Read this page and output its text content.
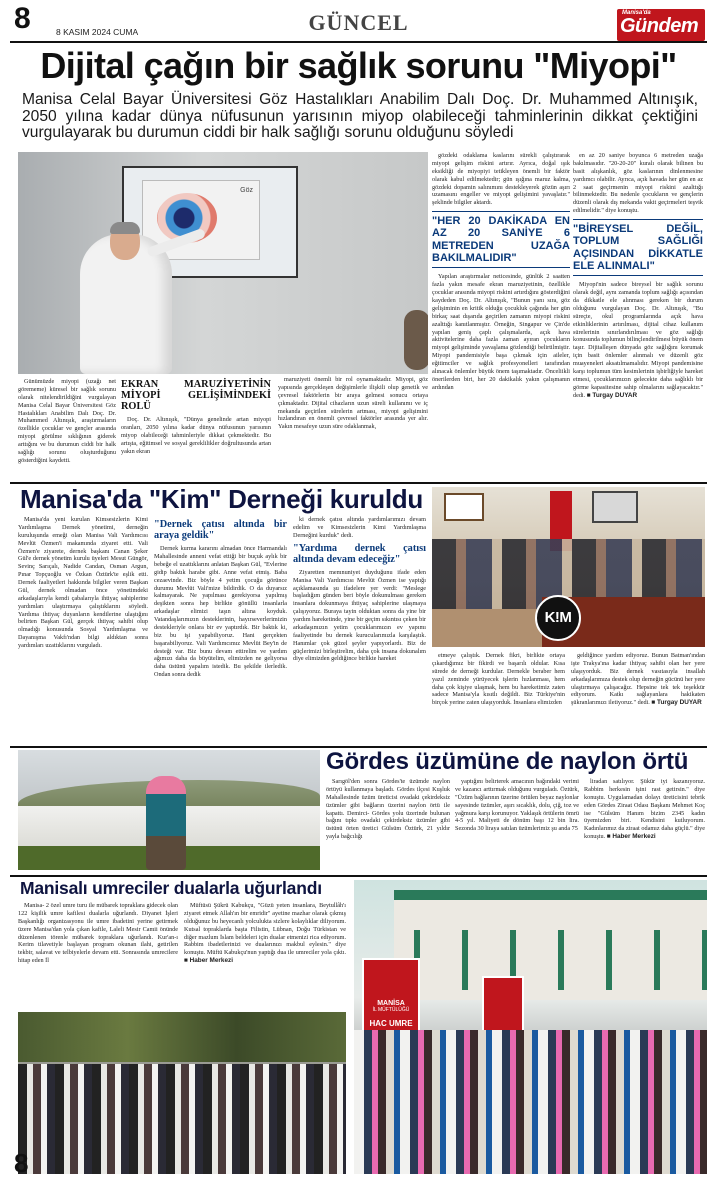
8	8 KASIM 2024 CUMA	GÜNCEL	Manisa'da
Gündem
Dijital çağın bir sağlık sorunu "Miyopi"
Manisa Celal Bayar Üniversitesi Göz Hastalıkları Anabilim Dalı Doç. Dr. Muhammed Altınışık, 2050 yılına kadar dünya nüfusunun yarısının miyop olabileceği tahminlerinin dikkat çektiğini vurgulayarak bu durumun ciddi bir halk sağlığı sorunu olduğunu söyledi
Göz

Günümüzde miyopi (uzağı net görememe) küresel bir sağlık sorunu olarak nitelendirildiğini vurgulayan Manisa Celal Bayar Üniversitesi Göz Hastalıkları Anabilim Dalı Doç. Dr. Muhammed Altınışık, araştırmaların özellikle çocuklar ve gençler arasında miyopi görülme sıklığının giderek arttığını ve bu durumun ciddi bir halk sağlığı sorunu oluşturduğunu gösterdiğini kaydetti.

EKRAN MARUZİYETİNİN MİYOPİ GELİŞİMİNDEKİ ROLÜ

Doç. Dr. Altınışık, "Dünya genelinde artan miyopi oranları, 2050 yılına kadar dünya nüfusunun yarısının miyop olabileceği tahminleriyle dikkat çekmektedir. Bu artışta, eğitimsel ve sosyal gereklilikler doğrultusunda artan yakın ekran

maruziyeti önemli bir rol oynamaktadır. Miyopi, göz yapısında gerçekleşen değişimlerle ilişkili olup genetik ve çevresel faktörlerin bir araya gelmesi sonucu ortaya çıkmaktadır. Dijital cihazların uzun süreli kullanımı ve iç mekanda geçirilen sürelerin artması, miyopi gelişimini hızlandıran en önemli çevresel faktörler arasında yer alır. Yakın mesafeye uzun süre odaklanmak,

gözdeki odaklama kaslarını sürekli çalıştırarak miyopi gelişim riskini artırır. Ayrıca, doğal ışık eksikliği de miyopiyi tetikleyen önemli bir faktör olarak kabul edilmektedir; gün ışığına maruz kalma, gözdeki dopamin salınımını destekleyerek gözün aşırı uzamasını engeller ve miyopi gelişimini yavaşlatır." şeklinde bilgiler aktardı.

"HER 20 DAKİKADA EN AZ 20 SANİYE 6 METREDEN UZAĞA BAKILMALIDIR"

Yapılan araştırmalar neticesinde, günlük 2 saatten fazla yakın mesafe ekran maruziyetinin, özellikle çocuklar arasında miyopi riskini artırdığını gösterdiğini kaydeden Doç. Dr. Altınışık, "Bunun yanı sıra, göz gelişiminin en kritik olduğu çocukluk çağında her gün birkaç saat dışarıda geçirilen zamanın miyopi riskini azalttığı kanıtlanmıştır. Örneğin, Singapur ve Çin'de yapılan geniş çaplı çalışmalarda, açık hava aktivitelerine daha fazla zaman ayıran çocukların miyopi gelişiminde yavaşlama gözlendiği belirtilmiştir. Miyopi pandemisiyle başa çıkmak için aileler, eğitimciler ve sağlık profesyonelleri tarafından alınacak önlemler büyük önem taşımaktadır. Önceliikli önerilerden biri, her 20 dakikalık yakın çalışmanın ardından

en az 20 saniye boyunca 6 metreden uzağa bakılmasıdır. "20-20-20" kuralı olarak bilinen bu basit alışkanlık, göz kaslarının dinlenmesine yardımcı olabilir. Ayrıca, açık havada her gün en az 2 saat geçirmenin miyopi riskini azalttığı bilinmektedir. Bu nedenle çocukların ve gençlerin düzenli olarak dış mekanda vakit geçirmeleri teşvik edilmelidir." diye konuştu.

"BİREYSEL DEĞİL, TOPLUM SAĞLIĞI AÇISINDAN DİKKATLE ELE ALINMALI"

Miyopi'nin sadece bireysel bir sağlık sorunu olarak değil, aynı zamanda toplum sağlığı açısından da dikkatle ele alınması gereken bir durum olduğunu vurgulayan Doç. Dr. Altınışık, "Bu süreçte, okul programlarında açık hava etkinliklerinin artırılması, dijital cihaz kullanım sürelerinin sınırlandırılması ve göz sağlığı konusunda toplumun bilinçlendirilmesi büyük önem taşır. Dijitalleşen dünyada göz sağlığını korumak için basit önlemler alınmalı ve düzenli göz muayeneleri aksatılmamalıdır. Miyopi pandemisine karşı toplumun tüm kesimlerinin işbirliğiyle hareket etmesi, çocuklarımızın gelecekte daha sağlıklı bir görme kapasitesine sahip olmalarını sağlayacaktır." dedi. ■ Turgay DUYAR

Manisa'da "Kim" Derneği kuruldu

Manisa'da yeni kurulan Kimsesizlerin Kimi Yardımlaşma Dernek yönetimi, derneğin kuruluşunda emeği olan Manisa Vali Yardımcısı Mevlüt Özmen'i makamında ziyaret etti. Vali Özmen'e ziyarete, dernek başkanı Canan Şeker Gül'e dernek yönetim kurulu üyeleri Mesut Güngör, Sevinç Sarıçalı, Nadide Candan, Osman Argun, Pınar Topçuoğlu ve Özkan Öztürk'te eşlik etti. Dernek faaliyetleri hakkında bilgiler veren Başkan Gül, dernek olmadan önce yönetimdeki arkadaşlarıyla kendi çabalarıyla ihtiyaç sahiplerine yardımları ulaştırmaya çalıştıklarını söyledi. Yardıma ihtiyaç duyanların kendilerine ulaştığını belirten Başkan Gül, gerçek ihtiyaç sahibi olup olmadığı konusunda Sosyal Yardımlaşma ve Dayanışma Vakfı'ndan bilgi aldıktan sonra yardımları uzattıklarını vurguladı.

"Dernek çatısı altında bir araya geldik"

Dernek kurma kararını almadan önce Harmandalı Mahallesinde anneni vefat ettiği bir buçuk aylık bir bebeğe el uzattıklarını anlatan Başkan Gül, "Evlerine gidip baktık harabe gibi. Anne vefat etmiş. Baba cezaevinde. Biz böyle 4 yetim çocuğu görünce durumu Mevlüt Vali'mize bildirdik. O da duyarsız kalmayarak. Ne yapılması gerekiyorsa yapılmış deşikten sonra hep birlikte gönüllü insanlarla arkadaşlar elimizi taşın altına koyduk. Vatandaşlarımızın desteklerinin, hayırseverlerimizin destekleriyle onlara bir ev yaptırdık. Bir baktık ki, biz bu işi yapabiliyoruz. Hani gerçekten başarabiliyoruz. Vali Yardımcımız Mevlüt Bey'in de desteği var. Biz bunu devam ettirelim ve yardım ağımızı daha da büyütelim, elimizden ne geliyorsa daha üstünü yapalım istedik. Bu şekilde ilerledik. Ondan sonra dedik

ki dernek çatısı altında yardımlarımızı devam edelim ve Kimsesizlerin Kimi Yardımlaşma Derneğini kurduk" dedi.

"Yardıma dernek çatısı altında devam edeceğiz"

Ziyaretten memnuniyet duyduğunu ifade eden Manisa Vali Yardımcısı Mevlüt Özmen ise yaptığı açıklamasında şu ifadelere yer verdi: "Meslege başladığım günden beri böyle dokunulması gereken insanlara dokunmaya ihtiyaç sahiplerine ulaşmaya çalışıyoruz. Buraya tayin olduktan sonra da yine bir yardım hareketinde, yine bir geçim sıkıntısı çeken bir arkadaşımızın yetim çocuklarımızın ev yapımı faaliyetinde bu dernek kurucularımızla karşılaştık. Hanımlar çok güzel şeyler yapıyorlardı. Biz de güçlerimizi birleştirelim, daha çok insana dokunalım diye elimizden geldiğince birlikte hareket

K!M

etmeye çalıştık. Dernek fikri, birlikte ortaya çıkardığımız bir fikirdi ve başarılı oldular. Kısa sürede de derneği kurdular. Dernekle beraber hem yazıl zeminde yürüyecek işlerin hızlanması, hem daha çok kişiye ulaşmak, hem bu hareketimiz zaten sadece Manisa'yla kısıtlı değildi. Biz Türkiye'nin birçok yerine zaten ulaşıyorduk. İnsanlara elimizden

geldiğince yardım ediyoruz. Bunun Batman'ından işte Trakya'ına kadar ihtiyaç sahibi olan her yere ulaşıyorduk. Biz dernek vasıtasıyla insallah arkadaşlarımıza destek olup derneğin gücünü her yere ulaştırmaya çalışacağız. Hepsine tek tek teşekkür ediyorum. Katkı sağlayanlara hakikaten şükranlarımızı iletiyoruz." dedi. ■ Turgay DUYAR

Gördes üzümüne de naylon örtü

Sarıgöl'den sonra Gördes'te üzümde naylon örtüyü kullanmaya başladı. Gördes ilçesi Kuşluk Mahallesinde üzüm üreticisi ovadaki çekirdeksiz üzümler gibi bağların üzerini naylon örtü ile kapattı. Demirci- Gördes yolu üzerinde bulunan bağını tıpkı ovadaki çekirdeksiz üzümler gibi üstünü örten üretici Gülsüm Öztürk, 21 yıldır yayla bağcılığı

yaptığını belirterek amacının bağındaki verimi ve kazancı arttırmak olduğunu vurguladı. Öztürk, "Üzüm bağlarının üzerine örtülen beyaz naylonlar sayesinde üzümler, aşırı sıcaklık, dolu, çiğ, toz ve yağmura karşı korunuyor. Yaklaşık örtülerin ömrü 4-5 yıl. Maliyeti de dönüm başı 12 bin lira. Sezonda 30 liraya satılan üzümlerimiz şu anda 75

liradan satılıyor. Şükür iyi kazanıyoruz. Rabbim herkesin işini rast getirsin." diye konuştu. Uygulamadan dolayı üreticisini tebrik eden Gördes Ziraat Odası Başkanı Mehmet Koç ise "Gülsüm Hanım bizim 2345 kadın üyemizden biri. Kendisini kutluyorum. Kadınlarımız da ziraat odamız daha güçlü." diye konuştu. ■ Haber Merkezi

Manisalı umreciler dualarla uğurlandı

Manisa- 2 özel umre turu ile mübarek topraklara gidecek olan 122 kişilik umre kafilesi dualarla uğurlandı. Diyanet İşleri Başkanlığı organizasyonu ile umre ibadetini yerine getirmek üzere Manisa'dan yola çıkan kafile, Laleli Mesir Camii önünde düzenlenen törenle mübarek topraklara uğurlandı. Kur'an-ı Kerim tilavetiyle başlayan program okunan ilahi, getirilen tekbir, salavat ve telbiyelerle devam etti. Sonrasında umrecilere hitap eden İl

Müftüsü Şükrü Kabukçu, "Güzü yeten insanlara, Beytullâh'ı ziyaret etmek Allah'ın bir emridir" ayetine mazhar olarak çıkmış olduğunuz bu heyecanlı yolculukta sizlere kolaylıklar diliyorum. Kutsal topraklarda başta Filistin, Lübnan, Doğu Türkistan ve diğer mazlum İslam beldeleri için dualar etmenizi rica ediyorum. Rabbim ibadetlerinizi ve dualarınızı makbul eylesin." diye konuştu. Müftü Kabukçu'nun yaptığı dua ile umreciler yola çıktı. ■ Haber Merkezi

MANİSA
İL MÜFTÜLÜĞÜ
HAC UMRE
8
